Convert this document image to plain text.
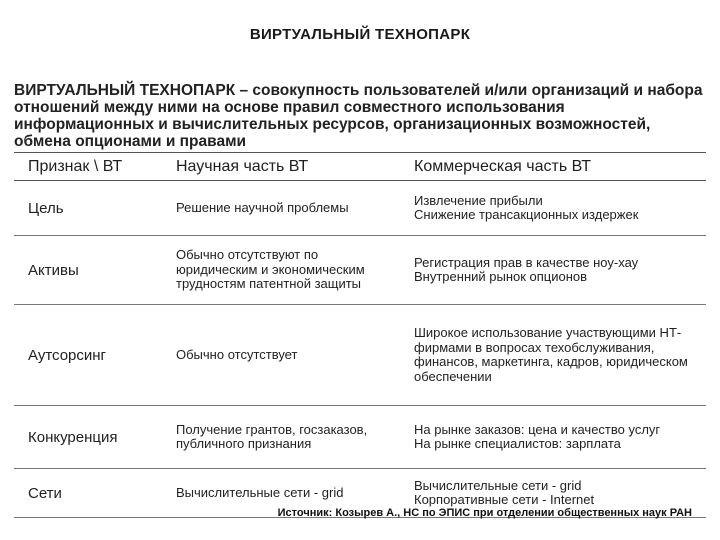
ВИРТУАЛЬНЫЙ ТЕХНОПАРК

ВИРТУАЛЬНЫЙ ТЕХНОПАРК – совокупность пользователей и/или организаций и набора отношений между ними на основе правил совместного использования информационных и вычислительных ресурсов, организационных возможностей, обмена опционами и правами

Признак \ ВТ	Научная часть ВТ	Коммерческая часть ВТ
Цель	Решение научной проблемы	Извлечение прибыли
Снижение трансакционных издержек

Активы	Обычно отсутствуют по юридическим и экономическим трудностям патентной защиты	Регистрация прав в качестве ноу-хау
Внутренний рынок опционов

Аутсорсинг	Обычно отсутствует	Широкое использование участвующими НТ- фирмами в вопросах техобслуживания, финансов, маркетинга, кадров, юридическом обеспечении

Конкуренция	Получение грантов, госзаказов, публичного признания	На рынке заказов: цена и качество услуг
На рынке специалистов: зарплата

Сети	Вычислительные сети - grid	Вычислительные сети - grid
Корпоративные сети - Internet
Источник: Козырев А., НС по ЭПИС при отделении общественных наук РАН
